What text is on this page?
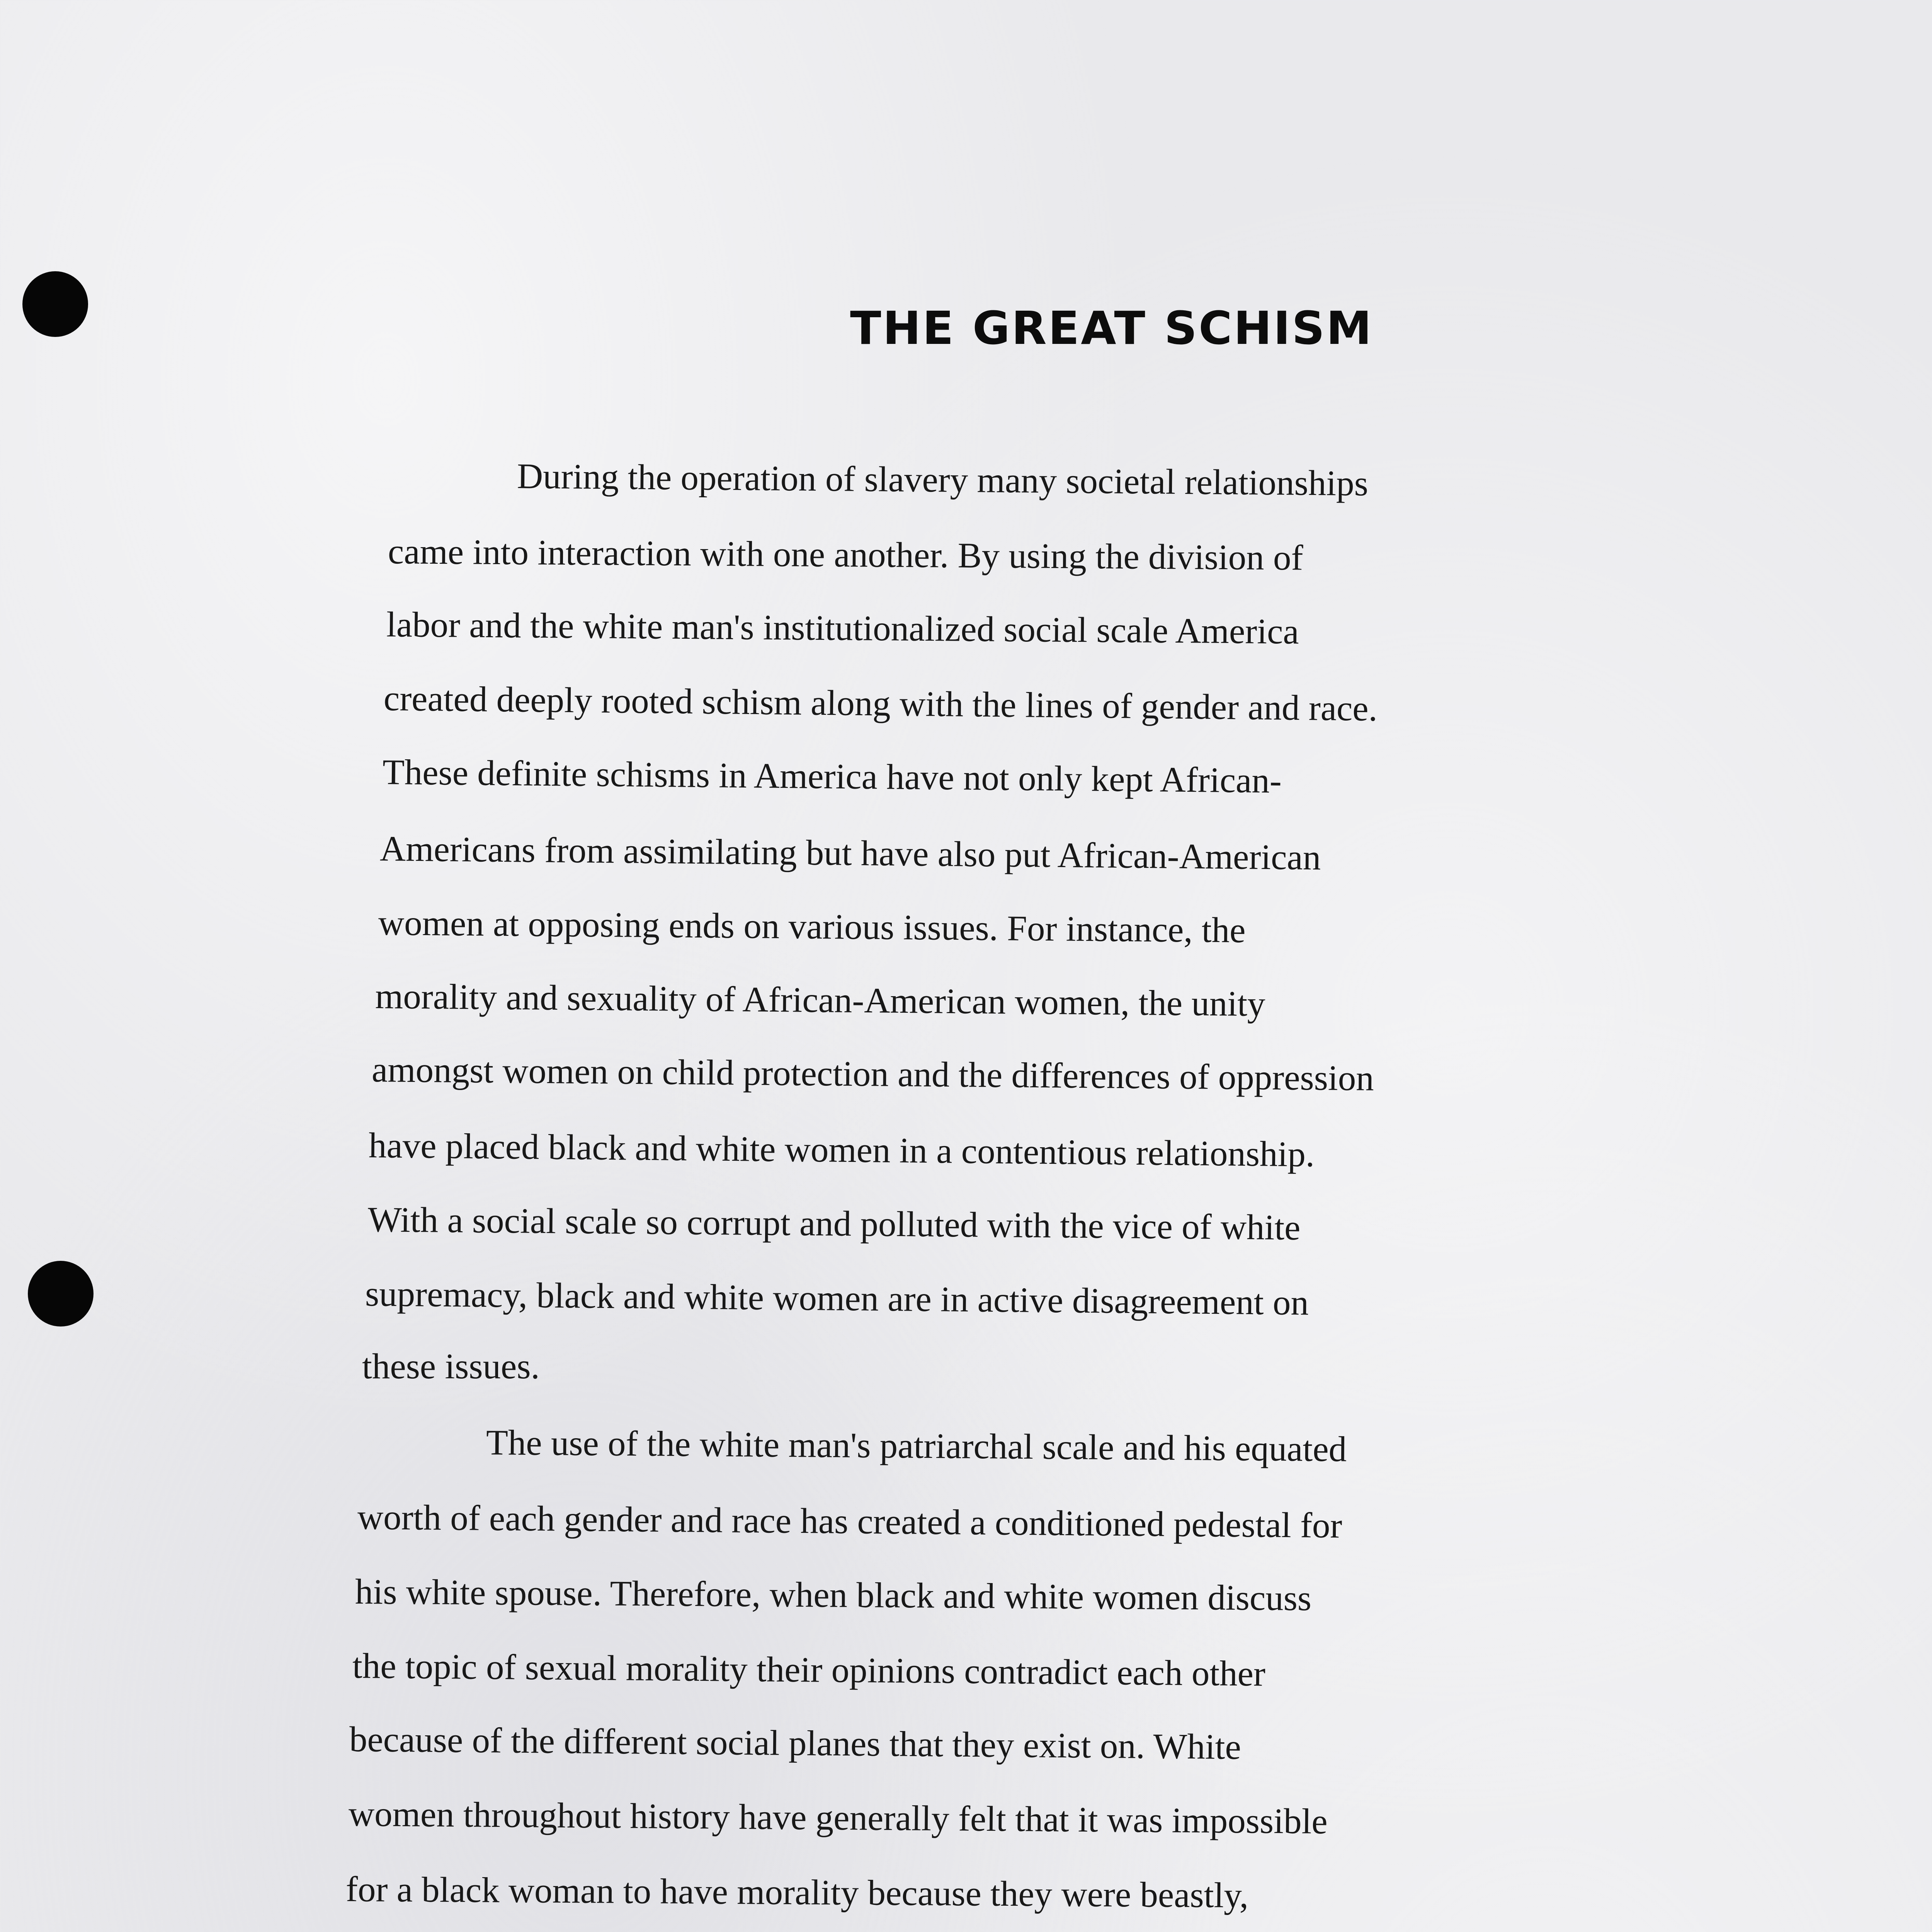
THE GREAT SCHISM

During the operation of slavery many societal relationships

came into interaction with one another. By using the division of

labor and the white man's institutionalized social scale America

created deeply rooted schism along with the lines of gender and race.

These definite schisms in America have not only kept African-

Americans from assimilating but have also put African-American

women at opposing ends on various issues. For instance, the

morality and sexuality of African-American women, the unity

amongst women on child protection and the differences of oppression

have placed black and white women in a contentious relationship.

With a social scale so corrupt and polluted with the vice of white

supremacy, black and white women are in active disagreement on

these issues.

The use of the white man's patriarchal scale and his equated

worth of each gender and race has created a conditioned pedestal for

his white spouse. Therefore, when black and white women discuss

the topic of sexual morality their opinions contradict each other

because of the different social planes that they exist on. White

women throughout history have generally felt that it was impossible

for a black woman to have morality because they were beastly,
